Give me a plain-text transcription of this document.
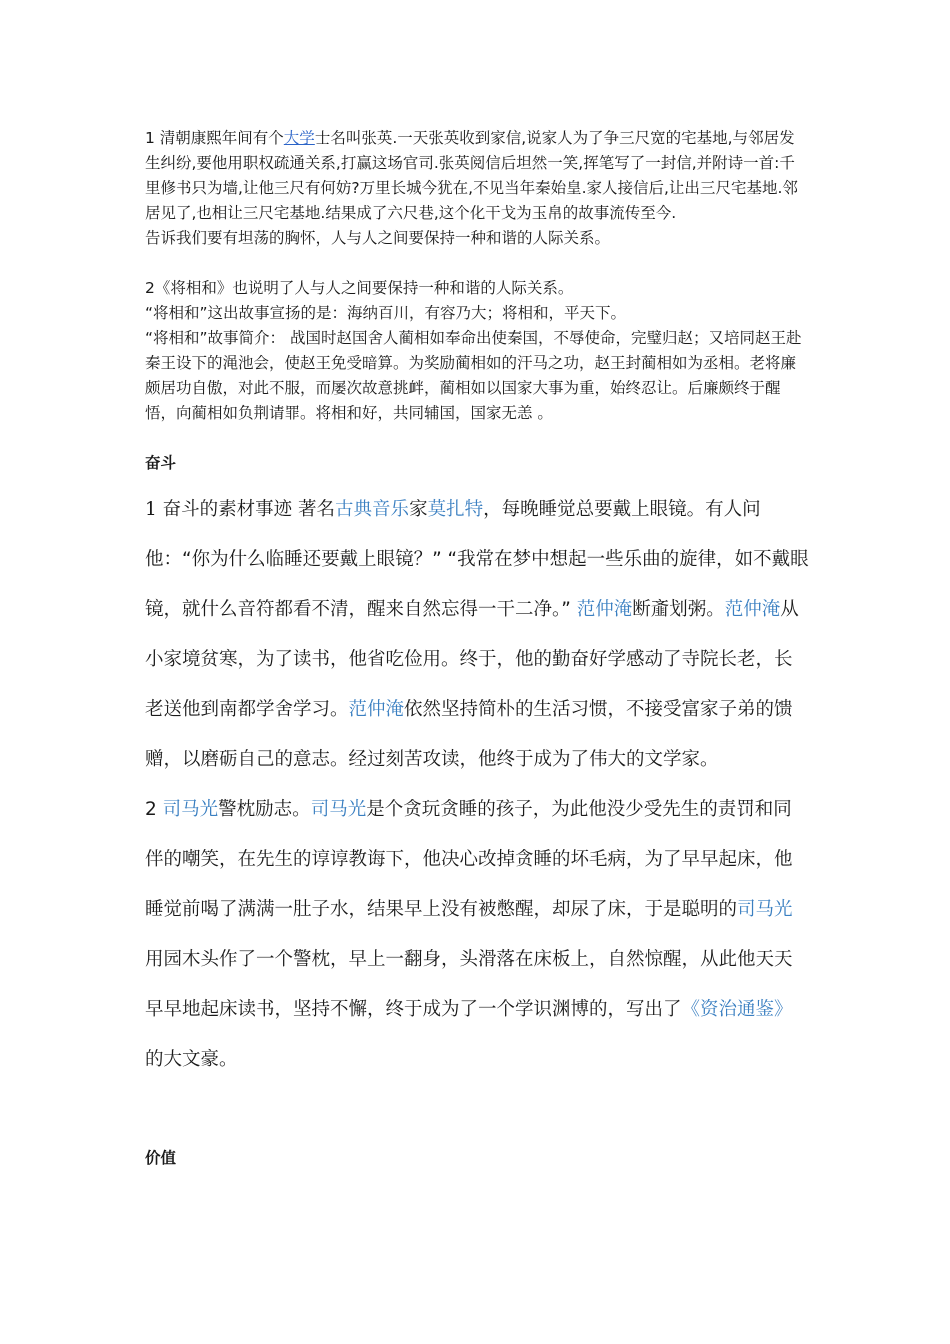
1 清朝康熙年间有个大学士名叫张英.一天张英收到家信,说家人为了争三尺宽的宅基地,与邻居发生纠纷,要他用职权疏通关系,打赢这场官司.张英阅信后坦然一笑,挥笔写了一封信,并附诗一首:千里修书只为墙,让他三尺有何妨?万里长城今犹在,不见当年秦始皇.家人接信后,让出三尺宅基地.邻居见了,也相让三尺宅基地.结果成了六尺巷,这个化干戈为玉帛的故事流传至今.

告诉我们要有坦荡的胸怀，人与人之间要保持一种和谐的人际关系。

2《将相和》也说明了人与人之间要保持一种和谐的人际关系。

“将相和”这出故事宣扬的是：海纳百川，有容乃大；将相和，平天下。

“将相和”故事简介： 战国时赵国舍人蔺相如奉命出使秦国，不辱使命，完璧归赵；又培同赵王赴秦王设下的渑池会，使赵王免受暗算。为奖励蔺相如的汗马之功，赵王封蔺相如为丞相。老将廉颇居功自傲，对此不服，而屡次故意挑衅，蔺相如以国家大事为重，始终忍让。后廉颇终于醒悟，向蔺相如负荆请罪。将相和好，共同辅国，国家无恙 。

奋斗

1 奋斗的素材事迹 著名古典音乐家莫扎特，每晚睡觉总要戴上眼镜。有人问他：“你为什么临睡还要戴上眼镜？” “我常在梦中想起一些乐曲的旋律，如不戴眼镜，就什么音符都看不清，醒来自然忘得一干二净。” 范仲淹断齑划粥。范仲淹从小家境贫寒，为了读书，他省吃俭用。终于，他的勤奋好学感动了寺院长老，长老送他到南都学舍学习。范仲淹依然坚持简朴的生活习惯，不接受富家子弟的馈赠，以磨砺自己的意志。经过刻苦攻读，他终于成为了伟大的文学家。

2 司马光警枕励志。司马光是个贪玩贪睡的孩子，为此他没少受先生的责罚和同伴的嘲笑，在先生的谆谆教诲下，他决心改掉贪睡的坏毛病，为了早早起床，他睡觉前喝了满满一肚子水，结果早上没有被憋醒，却尿了床，于是聪明的司马光用园木头作了一个警枕，早上一翻身，头滑落在床板上，自然惊醒，从此他天天早早地起床读书，坚持不懈，终于成为了一个学识渊博的，写出了《资治通鉴》的大文豪。

价值
